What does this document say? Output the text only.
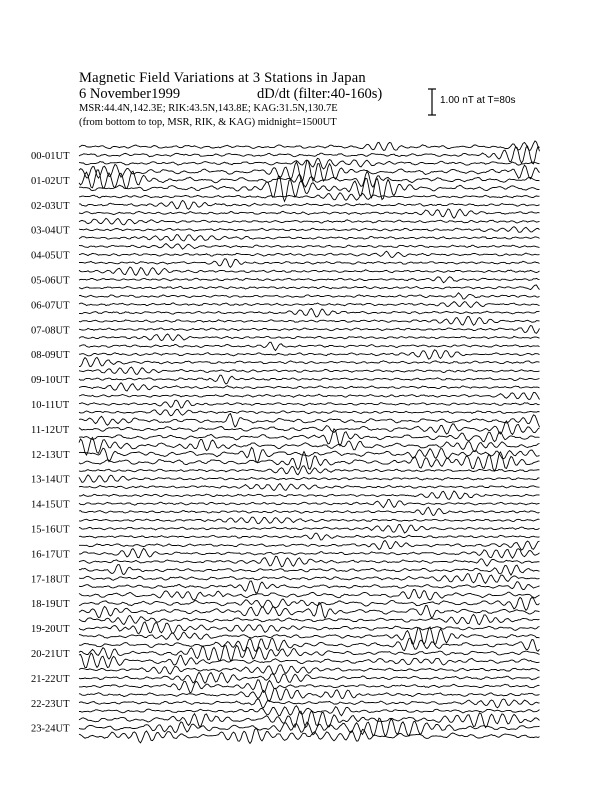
Magnetic Field Variations at 3 Stations in Japan
6 November1999	dD/dt (filter:40-160s)
MSR:44.4N,142.3E; RIK:43.5N,143.8E; KAG:31.5N,130.7E
(from bottom to top, MSR, RIK, & KAG) midnight=1500UT
1.00 nT at T=80s
00-01UT
01-02UT
02-03UT
03-04UT
04-05UT
05-06UT
06-07UT
07-08UT
08-09UT
09-10UT
10-11UT
11-12UT
12-13UT
13-14UT
14-15UT
15-16UT
16-17UT
17-18UT
18-19UT
19-20UT
20-21UT
21-22UT
22-23UT
23-24UT
